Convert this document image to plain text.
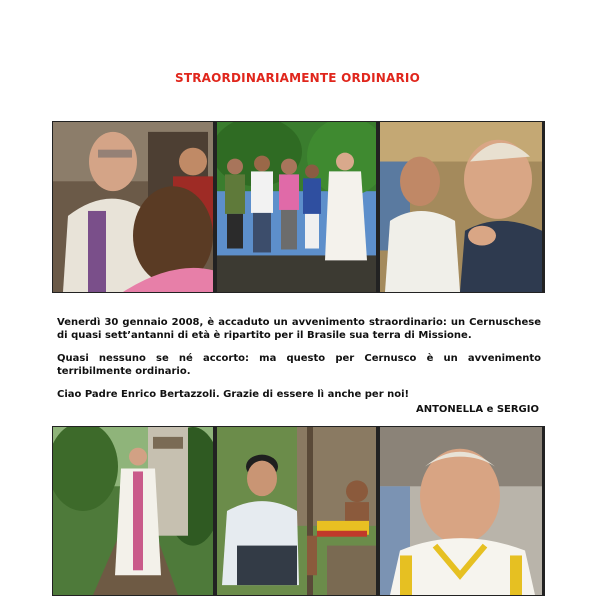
STRAORDINARIAMENTE ORDINARIO

Venerdì 30 gennaio 2008, è accaduto un avvenimento straordinario: un Cernuschese di quasi sett’antanni di età è ripartito per il Brasile sua terra di Missione.

Quasi nessuno se né accorto: ma questo per Cernusco è un avvenimento terribilmente ordinario.

Ciao Padre Enrico Bertazzoli. Grazie di essere lì anche per noi!

ANTONELLA e SERGIO
